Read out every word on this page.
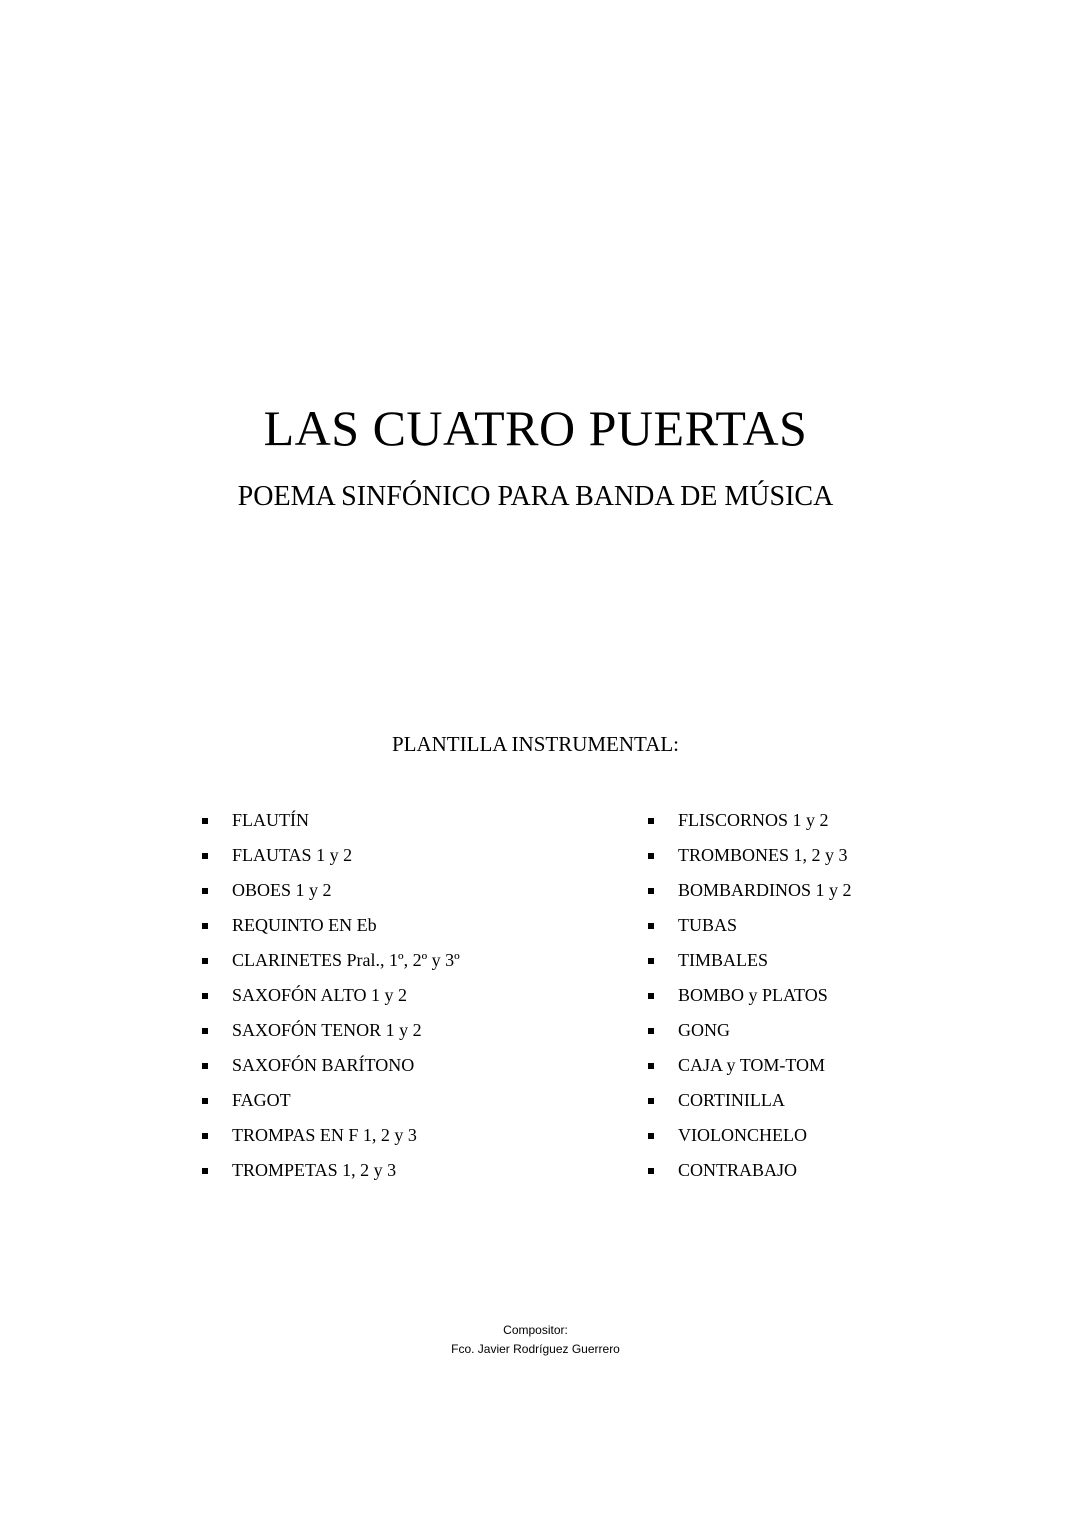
LAS CUATRO PUERTAS
POEMA SINFÓNICO PARA BANDA DE MÚSICA
PLANTILLA INSTRUMENTAL:
FLAUTÍN
FLAUTAS 1 y 2
OBOES 1 y 2
REQUINTO EN Eb
CLARINETES Pral., 1º, 2º y 3º
SAXOFÓN ALTO 1 y 2
SAXOFÓN TENOR 1 y 2
SAXOFÓN BARÍTONO
FAGOT
TROMPAS EN F 1, 2 y 3
TROMPETAS 1, 2 y 3
FLISCORNOS 1 y 2
TROMBONES 1, 2 y 3
BOMBARDINOS 1 y 2
TUBAS
TIMBALES
BOMBO y PLATOS
GONG
CAJA y TOM-TOM
CORTINILLA
VIOLONCHELO
CONTRABAJO
Compositor:
Fco. Javier Rodríguez Guerrero
